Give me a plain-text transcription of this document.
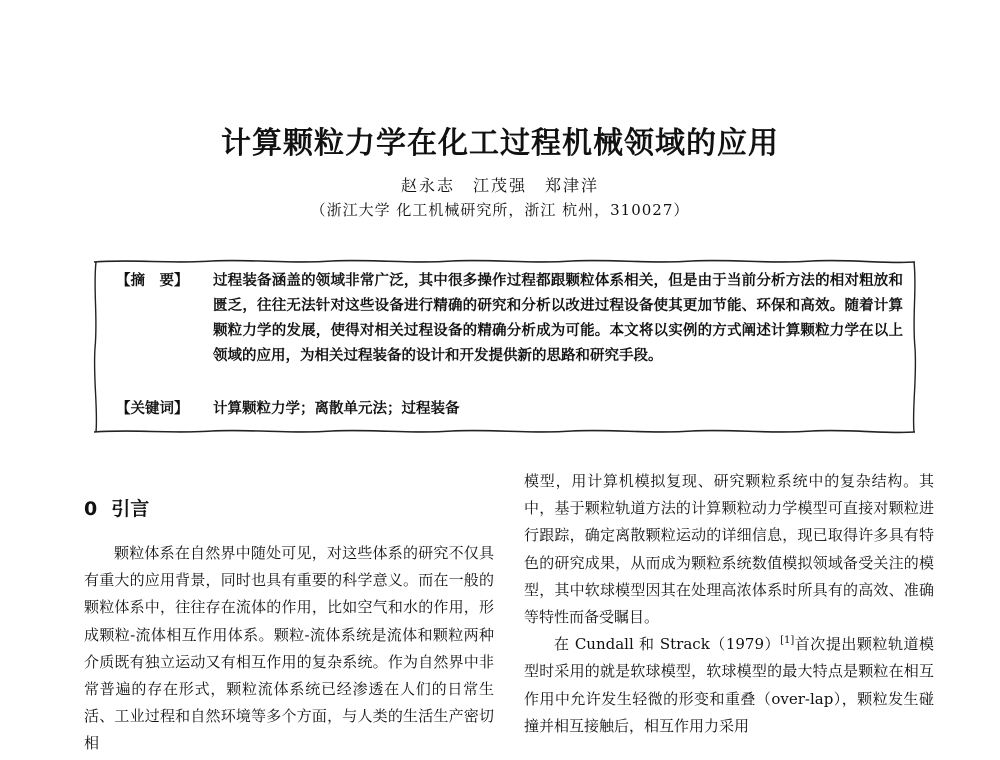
计算颗粒力学在化工过程机械领域的应用
赵永志　江茂强　郑津洋
（浙江大学 化工机械研究所，浙江 杭州，310027）
【摘　要】	过程装备涵盖的领域非常广泛，其中很多操作过程都跟颗粒体系相关，但是由于当前分析方法的相对粗放和匮乏，往往无法针对这些设备进行精确的研究和分析以改进过程设备使其更加节能、环保和高效。随着计算颗粒力学的发展，使得对相关过程设备的精确分析成为可能。本文将以实例的方式阐述计算颗粒力学在以上领域的应用，为相关过程装备的设计和开发提供新的思路和研究手段。
【关键词】	计算颗粒力学；离散单元法；过程装备
0 引言

颗粒体系在自然界中随处可见，对这些体系的研究不仅具有重大的应用背景，同时也具有重要的科学意义。而在一般的颗粒体系中，往往存在流体的作用，比如空气和水的作用，形成颗粒-流体相互作用体系。颗粒-流体系统是流体和颗粒两种介质既有独立运动又有相互作用的复杂系统。作为自然界中非常普遍的存在形式，颗粒流体系统已经渗透在人们的日常生活、工业过程和自然环境等多个方面，与人类的生活生产密切相

模型，用计算机模拟复现、研究颗粒系统中的复杂结构。其中，基于颗粒轨道方法的计算颗粒动力学模型可直接对颗粒进行跟踪，确定离散颗粒运动的详细信息，现已取得许多具有特色的研究成果，从而成为颗粒系统数值模拟领域备受关注的模型，其中软球模型因其在处理高浓体系时所具有的高效、准确等特性而备受瞩目。

在 Cundall 和 Strack（1979）[1]首次提出颗粒轨道模型时采用的就是软球模型，软球模型的最大特点是颗粒在相互作用中允许发生轻微的形变和重叠（over-lap），颗粒发生碰撞并相互接触后，相互作用力采用
